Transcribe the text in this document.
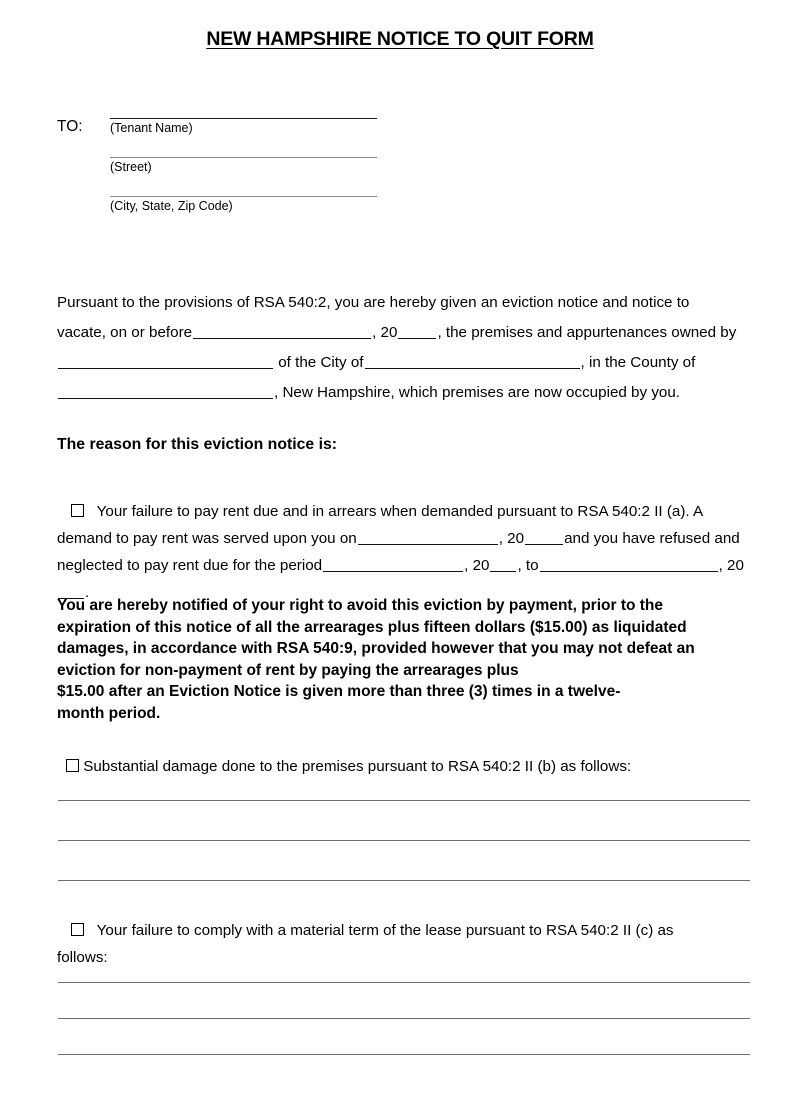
NEW HAMPSHIRE NOTICE TO QUIT FORM
TO:	(Tenant Name)
(Street)
(City, State, Zip Code)
Pursuant to the provisions of RSA 540:2, you are hereby given an eviction notice and notice to
vacate, on or before	, 20	, the premises and appurtenances owned by
of the City of	, in the County of
, New Hampshire, which premises are now occupied by you.
The reason for this eviction notice is:
Your failure to pay rent due and in arrears when demanded pursuant to RSA 540:2 II (a). A
demand to pay rent was served upon you on	, 20	and you have refused and
neglected to pay rent due for the period	, 20 , to	, 20.
You are hereby notified of your right to avoid this eviction by payment, prior to the
expiration of this notice of all the arrearages plus fifteen dollars ($15.00) as liquidated
damages, in accordance with RSA 540:9, provided however that you may not defeat an
eviction for non-payment of rent by paying the arrearages plus
$15.00 after an Eviction Notice is given more than three (3) times in a twelve-
month period.
Substantial damage done to the premises pursuant to RSA 540:2 II (b) as follows:
Your failure to comply with a material term of the lease pursuant to RSA 540:2 II (c) as
follows:
